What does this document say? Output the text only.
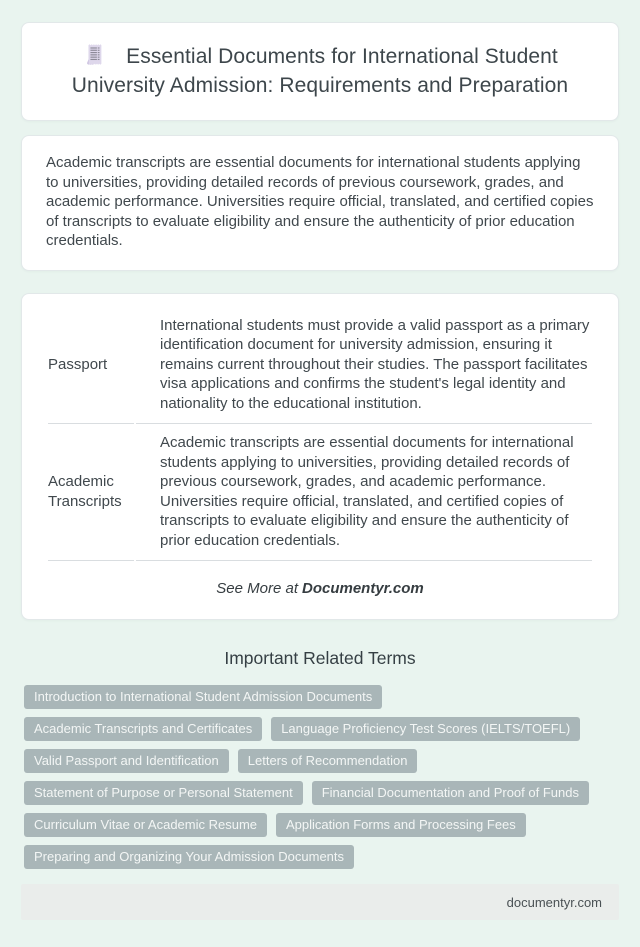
Essential Documents for International Student University Admission: Requirements and Preparation

Academic transcripts are essential documents for international students applying to universities, providing detailed records of previous coursework, grades, and academic performance. Universities require official, translated, and certified copies of transcripts to evaluate eligibility and ensure the authenticity of prior education credentials.

Passport	International students must provide a valid passport as a primary identification document for university admission, ensuring it remains current throughout their studies. The passport facilitates visa applications and confirms the student's legal identity and nationality to the educational institution.
Academic Transcripts	Academic transcripts are essential documents for international students applying to universities, providing detailed records of previous coursework, grades, and academic performance. Universities require official, translated, and certified copies of transcripts to evaluate eligibility and ensure the authenticity of prior education credentials.
See More at Documentyr.com
Important Related Terms
Introduction to International Student Admission Documents
Academic Transcripts and Certificates	Language Proficiency Test Scores (IELTS/TOEFL)
Valid Passport and Identification	Letters of Recommendation
Statement of Purpose or Personal Statement	Financial Documentation and Proof of Funds
Curriculum Vitae or Academic Resume	Application Forms and Processing Fees
Preparing and Organizing Your Admission Documents
documentyr.com
